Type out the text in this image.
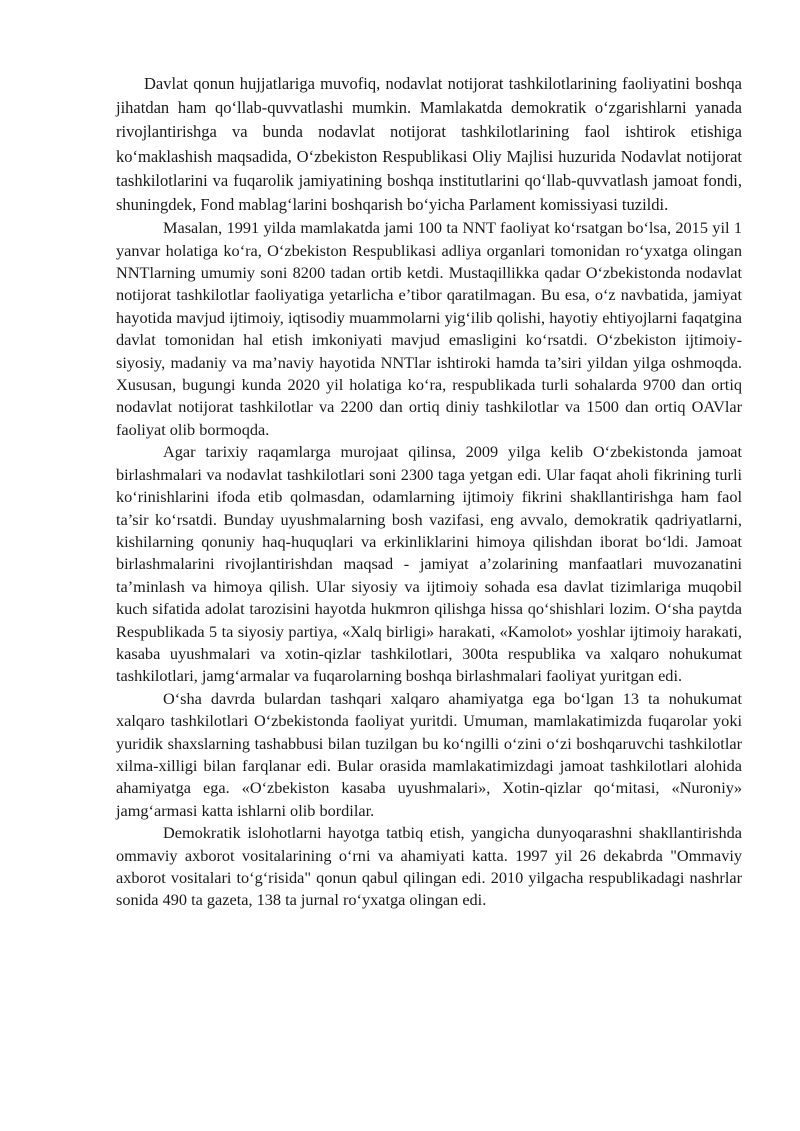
Davlat qonun hujjatlariga muvofiq, nodavlat notijorat tashkilotlarining faoliyatini boshqa jihatdan ham qo‘llab-quvvatlashi mumkin. Mamlakatda demokratik o‘zgarishlarni yanada rivojlantirishga va bunda nodavlat notijorat tashkilotlarining faol ishtirok etishiga ko‘maklashish maqsadida, O‘zbekiston Respublikasi Oliy Majlisi huzurida Nodavlat notijorat tashkilotlarini va fuqarolik jamiyatining boshqa institutlarini qo‘llab-quvvatlash jamoat fondi, shuningdek, Fond mablag‘larini boshqarish bo‘yicha Parlament komissiyasi tuzildi.

Masalan, 1991 yilda mamlakatda jami 100 ta NNT faoliyat ko‘rsatgan bo‘lsa, 2015 yil 1 yanvar holatiga ko‘ra, O‘zbekiston Respublikasi adliya organlari tomonidan ro‘yxatga olingan NNTlarning umumiy soni 8200 tadan ortib ketdi. Mustaqillikka qadar O‘zbekistonda nodavlat notijorat tashkilotlar faoliyatiga yetarlicha e’tibor qaratilmagan. Bu esa, o‘z navbatida, jamiyat hayotida mavjud ijtimoiy, iqtisodiy muammolarni yig‘ilib qolishi, hayotiy ehtiyojlarni faqatgina davlat tomonidan hal etish imkoniyati mavjud emasligini ko‘rsatdi. O‘zbekiston ijtimoiy-siyosiy, madaniy va ma’naviy hayotida NNTlar ishtiroki hamda ta’siri yildan yilga oshmoqda. Xususan, bugungi kunda 2020 yil holatiga ko‘ra, respublikada turli sohalarda 9700 dan ortiq nodavlat notijorat tashkilotlar va 2200 dan ortiq diniy tashkilotlar va 1500 dan ortiq OAVlar faoliyat olib bormoqda.

Agar tarixiy raqamlarga murojaat qilinsa, 2009 yilga kelib O‘zbekistonda jamoat birlashmalari va nodavlat tashkilotlari soni 2300 taga yetgan edi. Ular faqat aholi fikrining turli ko‘rinishlarini ifoda etib qolmasdan, odamlarning ijtimoiy fikrini shakllantirishga ham faol ta’sir ko‘rsatdi. Bunday uyushmalarning bosh vazifasi, eng avvalo, demokratik qadriyatlarni, kishilarning qonuniy haq-huquqlari va erkinliklarini himoya qilishdan iborat bo‘ldi. Jamoat birlashmalarini rivojlantirishdan maqsad - jamiyat a’zolarining manfaatlari muvozanatini ta’minlash va himoya qilish. Ular siyosiy va ijtimoiy sohada esa davlat tizimlariga muqobil kuch sifatida adolat tarozisini hayotda hukmron qilishga hissa qo‘shishlari lozim. O‘sha paytda Respublikada 5 ta siyosiy partiya, «Xalq birligi» harakati, «Kamolot» yoshlar ijtimoiy harakati, kasaba uyushmalari va xotin-qizlar tashkilotlari, 300ta respublika va xalqaro nohukumat tashkilotlari, jamg‘armalar va fuqarolarning boshqa birlashmalari faoliyat yuritgan edi.

O‘sha davrda bulardan tashqari xalqaro ahamiyatga ega bo‘lgan 13 ta nohukumat xalqaro tashkilotlari O‘zbekistonda faoliyat yuritdi. Umuman, mamlakatimizda fuqarolar yoki yuridik shaxslarning tashabbusi bilan tuzilgan bu ko‘ngilli o‘zini o‘zi boshqaruvchi tashkilotlar xilma-xilligi bilan farqlanar edi. Bular orasida mamlakatimizdagi jamoat tashkilotlari alohida ahamiyatga ega. «O‘zbekiston kasaba uyushmalari», Xotin-qizlar qo‘mitasi, «Nuroniy» jamg‘armasi katta ishlarni olib bordilar.

Demokratik islohotlarni hayotga tatbiq etish, yangicha dunyoqarashni shakllantirishda ommaviy axborot vositalarining o‘rni va ahamiyati katta. 1997 yil 26 dekabrda "Ommaviy axborot vositalari to‘g‘risida" qonun qabul qilingan edi. 2010 yilgacha respublikadagi nashrlar sonida 490 ta gazeta, 138 ta jurnal ro‘yxatga olingan edi.
